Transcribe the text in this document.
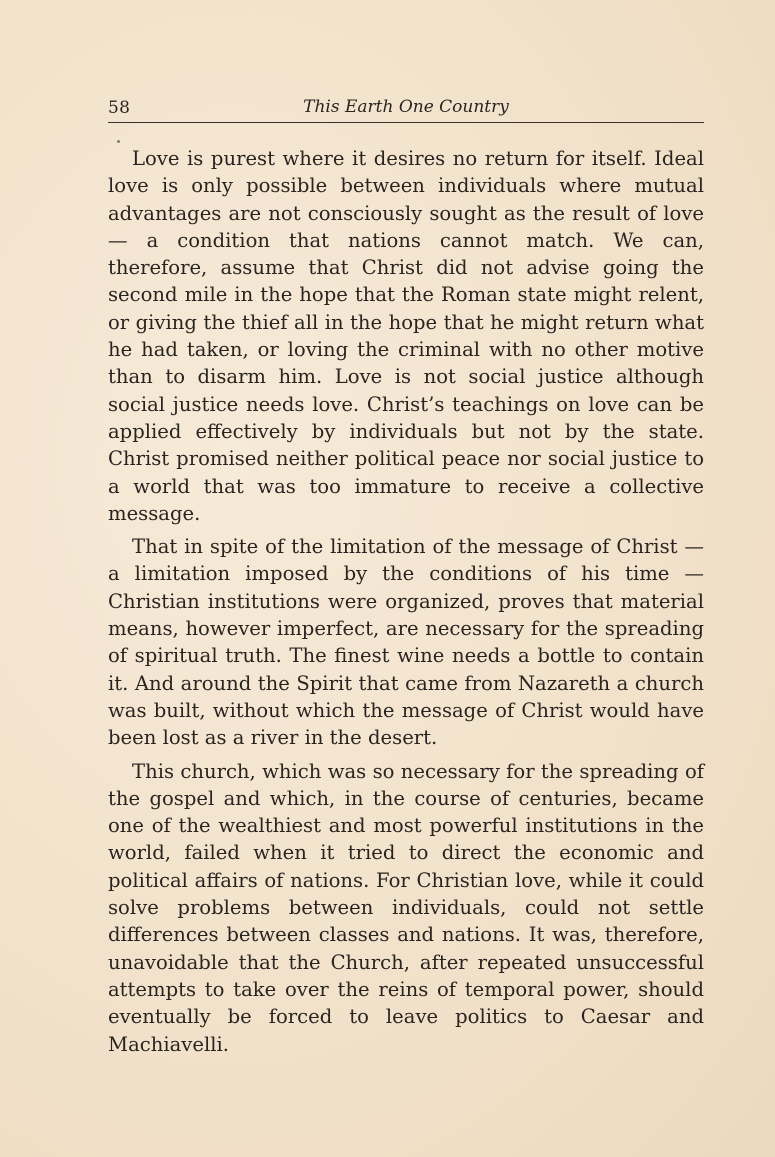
58	This Earth One Country

Love is purest where it desires no return for itself. Ideal love is only possible between individuals where mutual advantages are not consciously sought as the result of love — a condition that nations cannot match. We can, therefore, assume that Christ did not advise going the second mile in the hope that the Roman state might relent, or giving the thief all in the hope that he might return what he had taken, or loving the criminal with no other motive than to disarm him. Love is not social justice although social justice needs love. Christ’s teachings on love can be applied effectively by individuals but not by the state. Christ promised neither political peace nor social justice to a world that was too immature to receive a collective message.

That in spite of the limitation of the message of Christ — a limitation imposed by the conditions of his time — Christian institutions were organized, proves that material means, however imperfect, are necessary for the spreading of spiritual truth. The finest wine needs a bottle to contain it. And around the Spirit that came from Nazareth a church was built, without which the message of Christ would have been lost as a river in the desert.

This church, which was so necessary for the spreading of the gospel and which, in the course of centuries, became one of the wealthiest and most powerful institutions in the world, failed when it tried to direct the economic and political affairs of nations. For Christian love, while it could solve problems between individuals, could not settle differences between classes and nations. It was, therefore, unavoidable that the Church, after repeated unsuccessful attempts to take over the reins of temporal power, should eventually be forced to leave politics to Caesar and Machiavelli.
